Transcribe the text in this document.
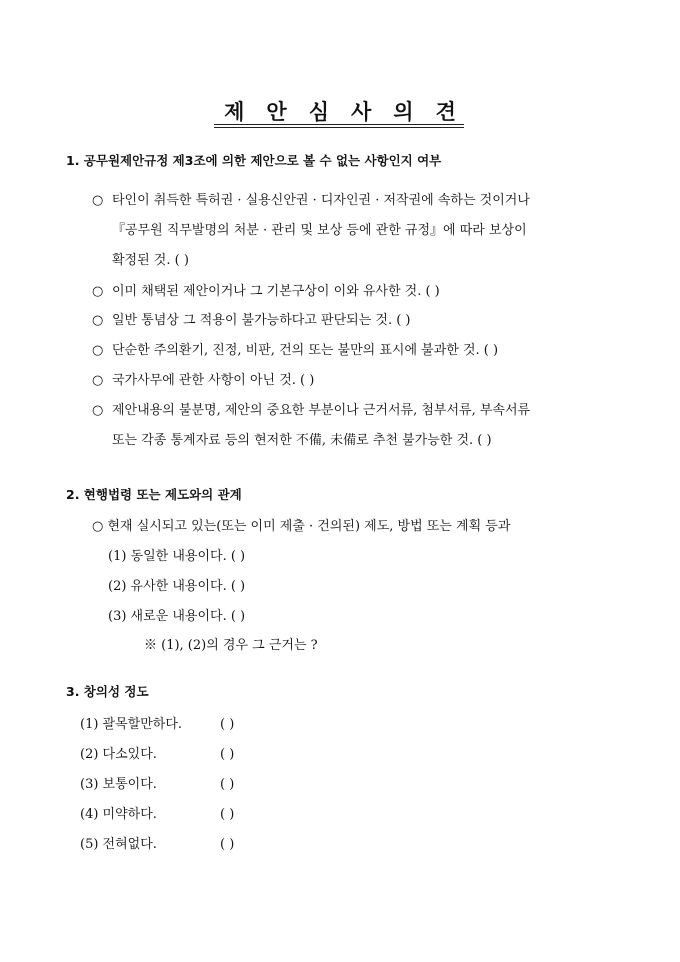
제안심사의견
1. 공무원제안규정 제3조에 의한 제안으로 볼 수 없는 사항인지 여부
○ 타인이 취득한 특허권 · 실용신안권 · 디자인권 · 저작권에 속하는 것이거나
『공무원 직무발명의 처분 · 관리 및 보상 등에 관한 규정』에 따라 보상이
확정된 것. ( )
○ 이미 채택된 제안이거나 그 기본구상이 이와 유사한 것. ( )
○ 일반 통념상 그 적용이 불가능하다고 판단되는 것. ( )
○ 단순한 주의환기, 진정, 비판, 건의 또는 불만의 표시에 불과한 것. ( )
○ 국가사무에 관한 사항이 아닌 것. ( )
○ 제안내용의 불분명, 제안의 중요한 부분이나 근거서류, 첨부서류, 부속서류
또는 각종 통계자료 등의 현저한 不備, 未備로 추천 불가능한 것. ( )
2. 현행법령 또는 제도와의 관계
○ 현재 실시되고 있는(또는 이미 제출 · 건의된) 제도, 방법 또는 계획 등과
(1) 동일한 내용이다. ( )
(2) 유사한 내용이다. ( )
(3) 새로운 내용이다. ( )
※ (1), (2)의 경우 그 근거는 ?
3. 창의성 정도
(1) 괄목할만하다.	( )
(2) 다소있다.	( )
(3) 보통이다.	( )
(4) 미약하다.	( )
(5) 전혀없다.	( )
